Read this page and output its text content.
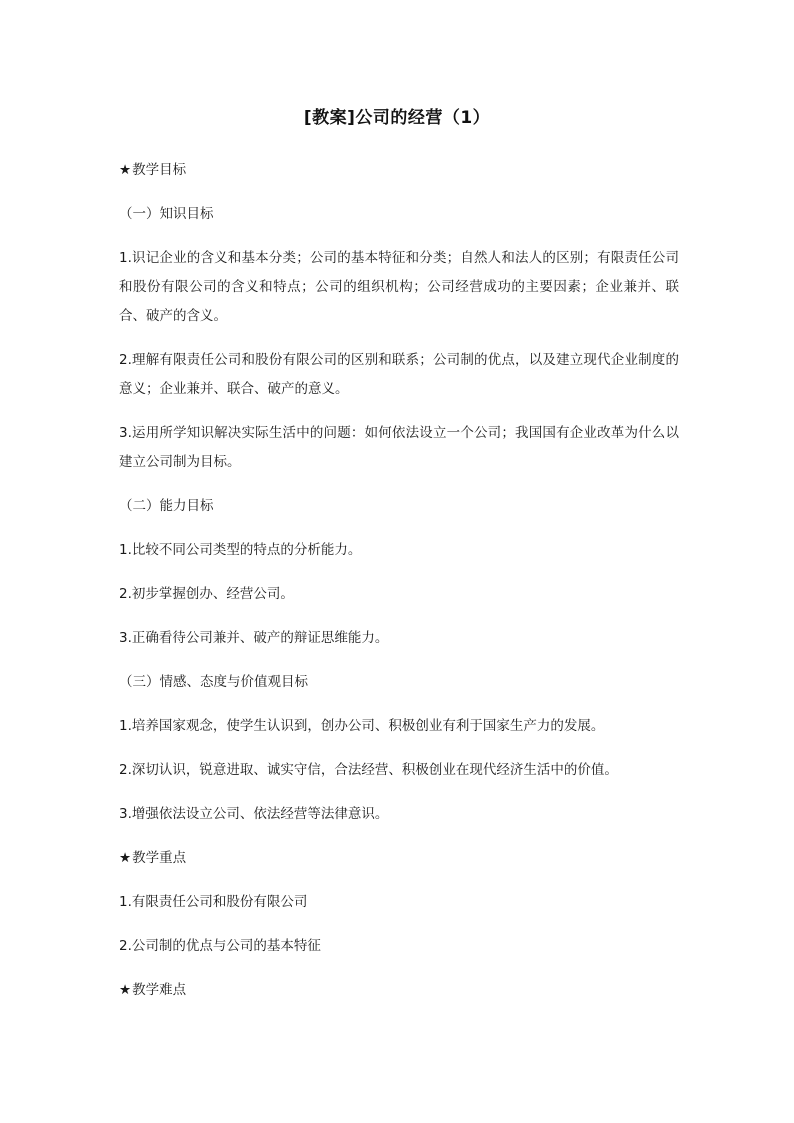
[教案]公司的经营（1）
★教学目标
（一）知识目标
1.识记企业的含义和基本分类；公司的基本特征和分类；自然人和法人的区别；有限责任公司和股份有限公司的含义和特点；公司的组织机构；公司经营成功的主要因素；企业兼并、联合、破产的含义。
2.理解有限责任公司和股份有限公司的区别和联系；公司制的优点，以及建立现代企业制度的意义；企业兼并、联合、破产的意义。
3.运用所学知识解决实际生活中的问题：如何依法设立一个公司；我国国有企业改革为什么以建立公司制为目标。
（二）能力目标
1.比较不同公司类型的特点的分析能力。
2.初步掌握创办、经营公司。
3.正确看待公司兼并、破产的辩证思维能力。
（三）情感、态度与价值观目标
1.培养国家观念，使学生认识到，创办公司、积极创业有利于国家生产力的发展。
2.深切认识，锐意进取、诚实守信，合法经营、积极创业在现代经济生活中的价值。
3.增强依法设立公司、依法经营等法律意识。
★教学重点
1.有限责任公司和股份有限公司
2.公司制的优点与公司的基本特征
★教学难点
